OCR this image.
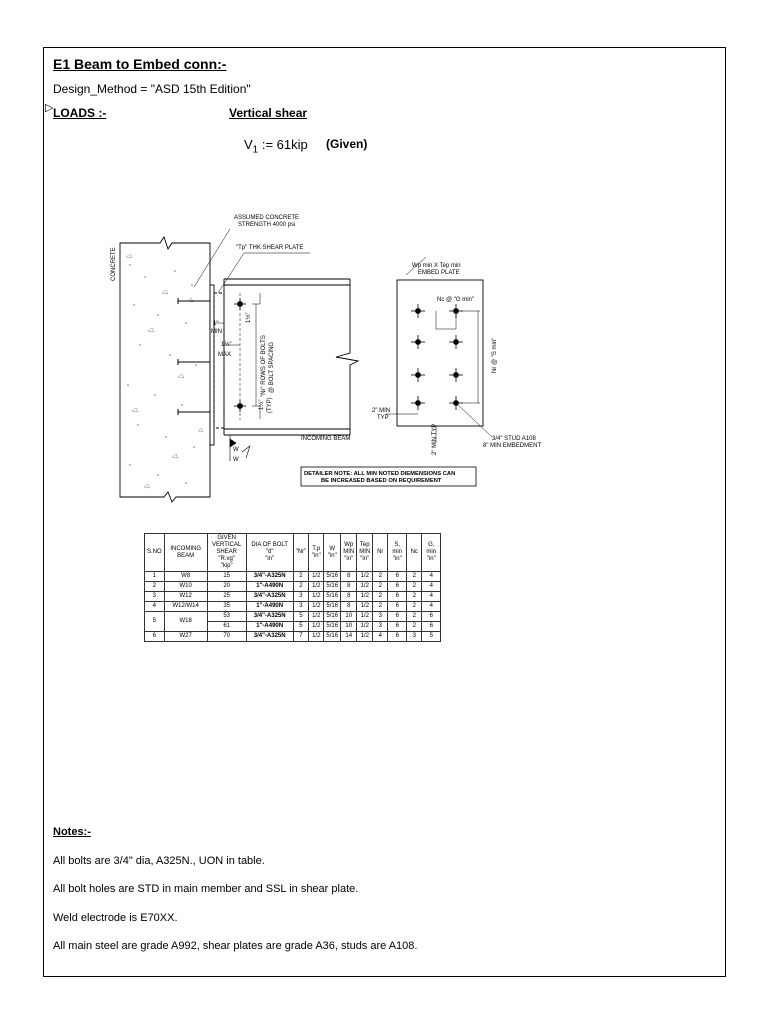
▷
E1 Beam to Embed conn:-
Design_Method = "ASD 15th Edition"
LOADS :-	Vertical shear
$V_1$ := 61kip (Given)
CONCRETE
1"
MIN
1½"
MAX
1½"
"Nr" ROWS OF BOLTS @ BOLT SPACING
1½" (TYP)
ASSUMED CONCRETE
STRENGTH 4000 psi
"Tp" THK SHEAR PLATE
W
W
INCOMING BEAM
Wp min X Tep min
EMBED PLATE
Nc @ "G min"
Nr @ "S min"
2" MIN
TYP
2" MIN TYP	3/4" STUD A108
8" MIN EMBEDMENT
DETAILER NOTE: ALL MIN NOTED DIEMENSIONS CAN
BE INCREASED BASED ON REQUIREMENT
S.NO	INCOMING
BEAM	GIVEN
VERTICAL
SHEAR
"R.vg"
"kip"	DIA OF BOLT
"d"
"in"	"Nr"	T.p
"in"	W
"in"	Wp
MIN
"in"	Tep
MIN
"in"	Nr	S, min
"in"	Nc	G, min
"in"
1	W8	15	3/4"-A325N	2	1/2	5/16	8	1/2	2	6	2	4
2	W10	20	1"-A490N	2	1/2	5/16	8	1/2	2	6	2	4
3	W12	25	3/4"-A325N	3	1/2	5/16	8	1/2	2	6	2	4
4	W12/W14	35	1"-A490N	3	1/2	5/16	8	1/2	2	6	2	4
5	W18	53	3/4"-A325N	5	1/2	5/16	10	1/2	3	6	2	6
		61	1"-A490N	5	1/2	5/16	10	1/2	3	6	2	6
6	W27	70	3/4"-A325N	7	1/2	5/16	14	1/2	4	6	3	5
Notes:-
All bolts are 3/4" dia, A325N., UON in table.
All bolt holes are STD in main member and SSL in shear plate.
Weld electrode is E70XX.
All main steel are grade A992, shear plates are grade A36, studs are A108.
